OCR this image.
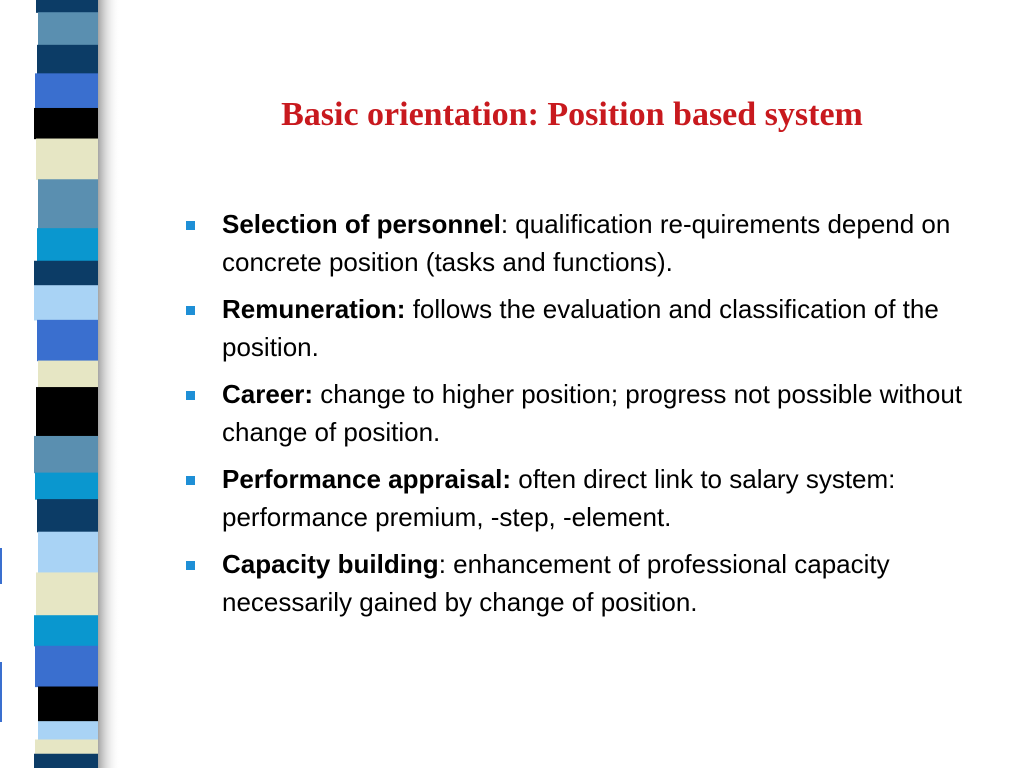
Basic orientation: Position based system
Selection of personnel: qualification re-quirements depend on concrete position (tasks and functions).
Remuneration: follows the evaluation and classification of the position.
Career: change to higher position; progress not possible without change of position.
Performance appraisal: often direct link to salary system: performance premium, -step, -element.
Capacity building: enhancement of professional capacity necessarily gained by change of position.
